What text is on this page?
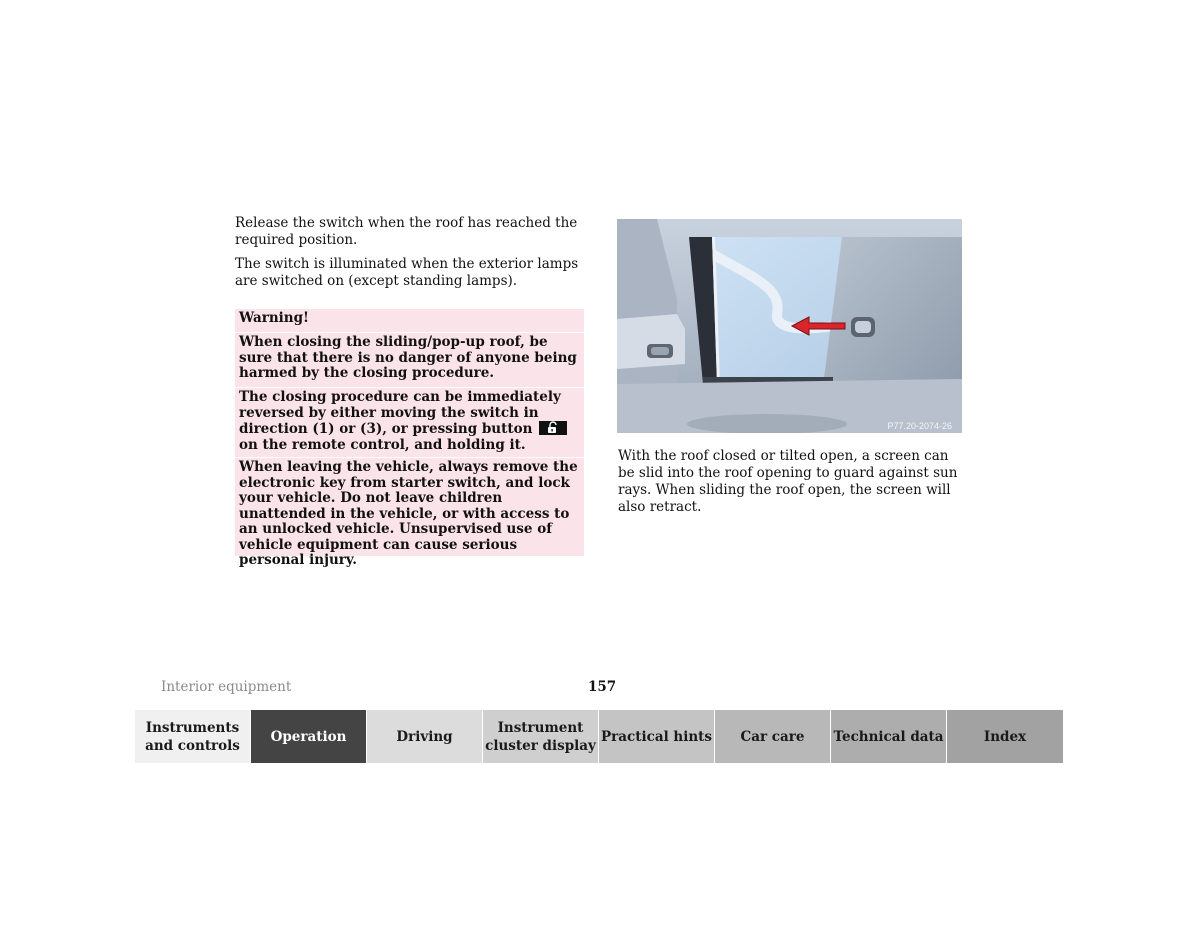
Release the switch when the roof has reached the required position.

The switch is illuminated when the exterior lamps are switched on (except standing lamps).

Warning!
When closing the sliding/pop-up roof, be sure that there is no danger of anyone being harmed by the closing procedure.
The closing procedure can be immediately reversed by either moving the switch in direction (1) or (3), or pressing button
on the remote control, and holding it.
When leaving the vehicle, always remove the electronic key from starter switch, and lock your vehicle. Do not leave children unattended in the vehicle, or with access to an unlocked vehicle. Unsupervised use of vehicle equipment can cause serious personal injury.
P77.20-2074-26
With the roof closed or tilted open, a screen can be slid into the roof opening to guard against sun rays. When sliding the roof open, the screen will also retract.
Interior equipment	157
Instruments and controls
Operation	Driving
Instrument cluster display
Practical hints	Car care	Technical data	Index
